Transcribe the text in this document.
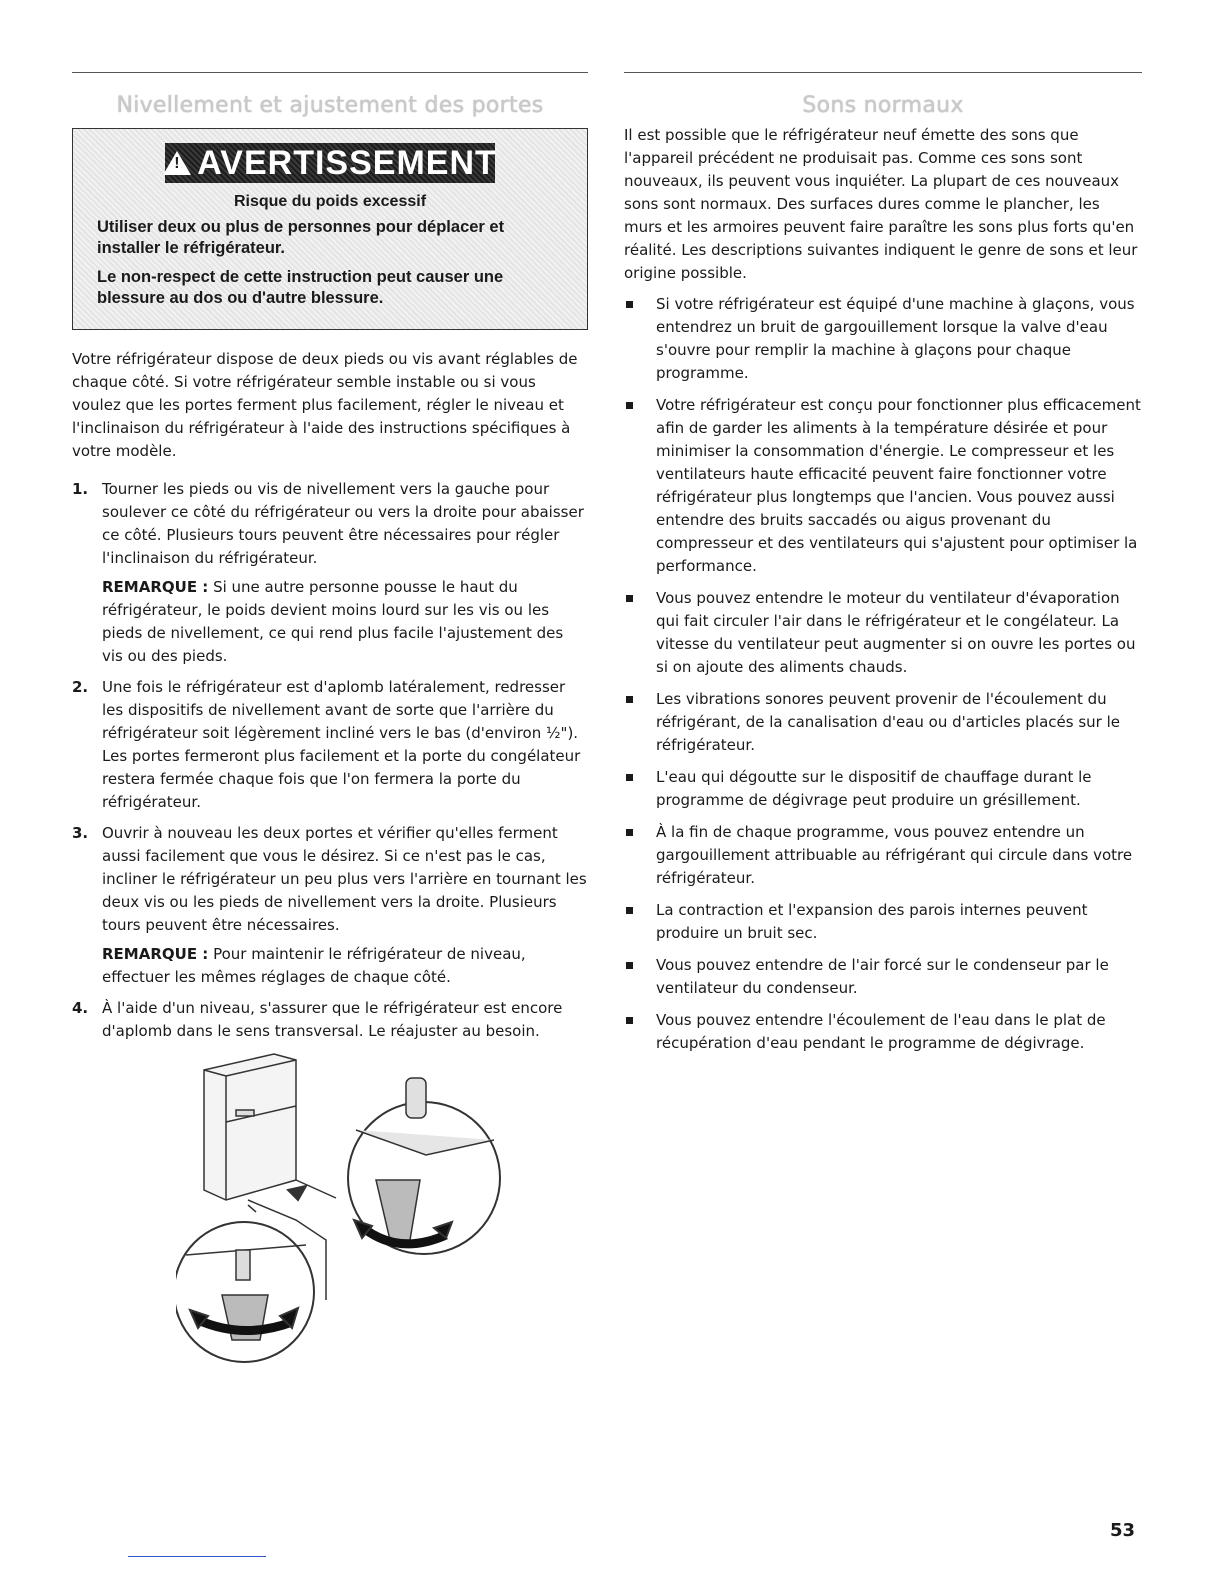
Nivellement et ajustement des portes
!
AVERTISSEMENT
Risque du poids excessif
Utiliser deux ou plus de personnes pour déplacer et installer le réfrigérateur.
Le non-respect de cette instruction peut causer une blessure au dos ou d'autre blessure.

Votre réfrigérateur dispose de deux pieds ou vis avant réglables de chaque côté. Si votre réfrigérateur semble instable ou si vous voulez que les portes ferment plus facilement, régler le niveau et l'inclinaison du réfrigérateur à l'aide des instructions spécifiques à votre modèle.

1. Tourner les pieds ou vis de nivellement vers la gauche pour soulever ce côté du réfrigérateur ou vers la droite pour abaisser ce côté. Plusieurs tours peuvent être nécessaires pour régler l'inclinaison du réfrigérateur.
REMARQUE : Si une autre personne pousse le haut du réfrigérateur, le poids devient moins lourd sur les vis ou les pieds de nivellement, ce qui rend plus facile l'ajustement des vis ou des pieds.
2. Une fois le réfrigérateur est d'aplomb latéralement, redresser les dispositifs de nivellement avant de sorte que l'arrière du réfrigérateur soit légèrement incliné vers le bas (d'environ ½"). Les portes fermeront plus facilement et la porte du congélateur restera fermée chaque fois que l'on fermera la porte du réfrigérateur.
3. Ouvrir à nouveau les deux portes et vérifier qu'elles ferment aussi facilement que vous le désirez. Si ce n'est pas le cas, incliner le réfrigérateur un peu plus vers l'arrière en tournant les deux vis ou les pieds de nivellement vers la droite. Plusieurs tours peuvent être nécessaires.
REMARQUE : Pour maintenir le réfrigérateur de niveau, effectuer les mêmes réglages de chaque côté.
4. À l'aide d'un niveau, s'assurer que le réfrigérateur est encore d'aplomb dans le sens transversal. Le réajuster au besoin.
Sons normaux

Il est possible que le réfrigérateur neuf émette des sons que l'appareil précédent ne produisait pas. Comme ces sons sont nouveaux, ils peuvent vous inquiéter. La plupart de ces nouveaux sons sont normaux. Des surfaces dures comme le plancher, les murs et les armoires peuvent faire paraître les sons plus forts qu'en réalité. Les descriptions suivantes indiquent le genre de sons et leur origine possible.

Si votre réfrigérateur est équipé d'une machine à glaçons, vous entendrez un bruit de gargouillement lorsque la valve d'eau s'ouvre pour remplir la machine à glaçons pour chaque programme.
Votre réfrigérateur est conçu pour fonctionner plus efficacement afin de garder les aliments à la température désirée et pour minimiser la consommation d'énergie. Le compresseur et les ventilateurs haute efficacité peuvent faire fonctionner votre réfrigérateur plus longtemps que l'ancien. Vous pouvez aussi entendre des bruits saccadés ou aigus provenant du compresseur et des ventilateurs qui s'ajustent pour optimiser la performance.
Vous pouvez entendre le moteur du ventilateur d'évaporation qui fait circuler l'air dans le réfrigérateur et le congélateur. La vitesse du ventilateur peut augmenter si on ouvre les portes ou si on ajoute des aliments chauds.
Les vibrations sonores peuvent provenir de l'écoulement du réfrigérant, de la canalisation d'eau ou d'articles placés sur le réfrigérateur.
L'eau qui dégoutte sur le dispositif de chauffage durant le programme de dégivrage peut produire un grésillement.
À la fin de chaque programme, vous pouvez entendre un gargouillement attribuable au réfrigérant qui circule dans votre réfrigérateur.
La contraction et l'expansion des parois internes peuvent produire un bruit sec.
Vous pouvez entendre de l'air forcé sur le condenseur par le ventilateur du condenseur.
Vous pouvez entendre l'écoulement de l'eau dans le plat de récupération d'eau pendant le programme de dégivrage.
53
